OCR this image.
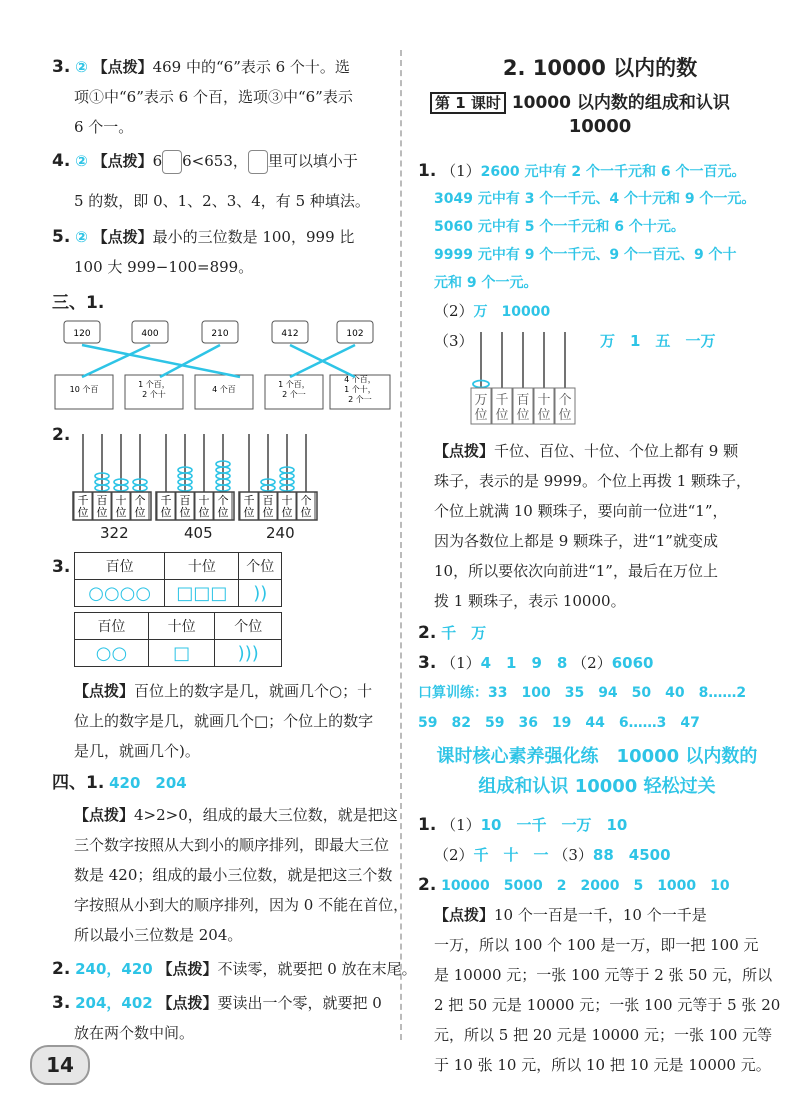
3. ② 【点拨】469 中的“6”表示 6 个十。选
项①中“6”表示 6 个百，选项③中“6”表示
6 个一。
4. ② 【点拨】6 6<653， 里可以填小于
5 的数，即 0、1、2、3、4，有 5 种填法。
5. ② 【点拨】最小的三位数是 100，999 比
100 大 999−100=899。
三、1.
120	400	210	412	102
10 个百
1 个百，
2 个十
4 个百
1 个百，
2 个一
4 个百，
1 个十，
2 个一
2.
千
位
百
位
十
位
个
位
千
位
百
位
十
位
个
位
千
位
百
位
十
位
个
位
322	405	240
3.	百位	十位	个位
○○○○	□□□	))
百位	十位	个位
○○	□	)))
【点拨】百位上的数字是几，就画几个○；十
位上的数字是几，就画几个□；个位上的数字
是几，就画几个)。
四、1. 420　204
【点拨】4>2>0，组成的最大三位数，就是把这
三个数字按照从大到小的顺序排列，即最大三位
数是 420；组成的最小三位数，就是把这三个数
字按照从小到大的顺序排列，因为 0 不能在首位，
所以最小三位数是 204。
2. 240，420 【点拨】不读零，就要把 0 放在末尾。
3. 204，402 【点拨】要读出一个零，就要把 0
放在两个数中间。
14
2. 10000 以内的数
第 1 课时 10000 以内数的组成和认识
10000
1. （1）2600 元中有 2 个一千元和 6 个一百元。
3049 元中有 3 个一千元、4 个十元和 9 个一元。
5060 元中有 5 个一千元和 6 个十元。
9999 元中有 9 个一千元、9 个一百元、9 个十
元和 9 个一元。
（2）万　10000
（3）	万　1　五　一万
万
位
千
位
百
位
十
位
个
位
【点拨】千位、百位、十位、个位上都有 9 颗
珠子，表示的是 9999。个位上再拨 1 颗珠子，
个位上就满 10 颗珠子，要向前一位进“1”，
因为各数位上都是 9 颗珠子，进“1”就变成
10，所以要依次向前进“1”，最后在万位上
拨 1 颗珠子，表示 10000。
2. 千　万
3. （1）4　1　9　8 （2）6060
口算训练：33　100　35　94　50　40　8……2
59　82　59　36　19　44　6……3　47
课时核心素养强化练　10000 以内数的
组成和认识 10000 轻松过关
1. （1）10　一千　一万　10
（2）千　十　一 （3）88　4500
2. 10000　5000　2　2000　5　1000　10
【点拨】10 个一百是一千，10 个一千是
一万，所以 100 个 100 是一万，即一把 100 元
是 10000 元；一张 100 元等于 2 张 50 元，所以
2 把 50 元是 10000 元；一张 100 元等于 5 张 20
元，所以 5 把 20 元是 10000 元；一张 100 元等
于 10 张 10 元，所以 10 把 10 元是 10000 元。
